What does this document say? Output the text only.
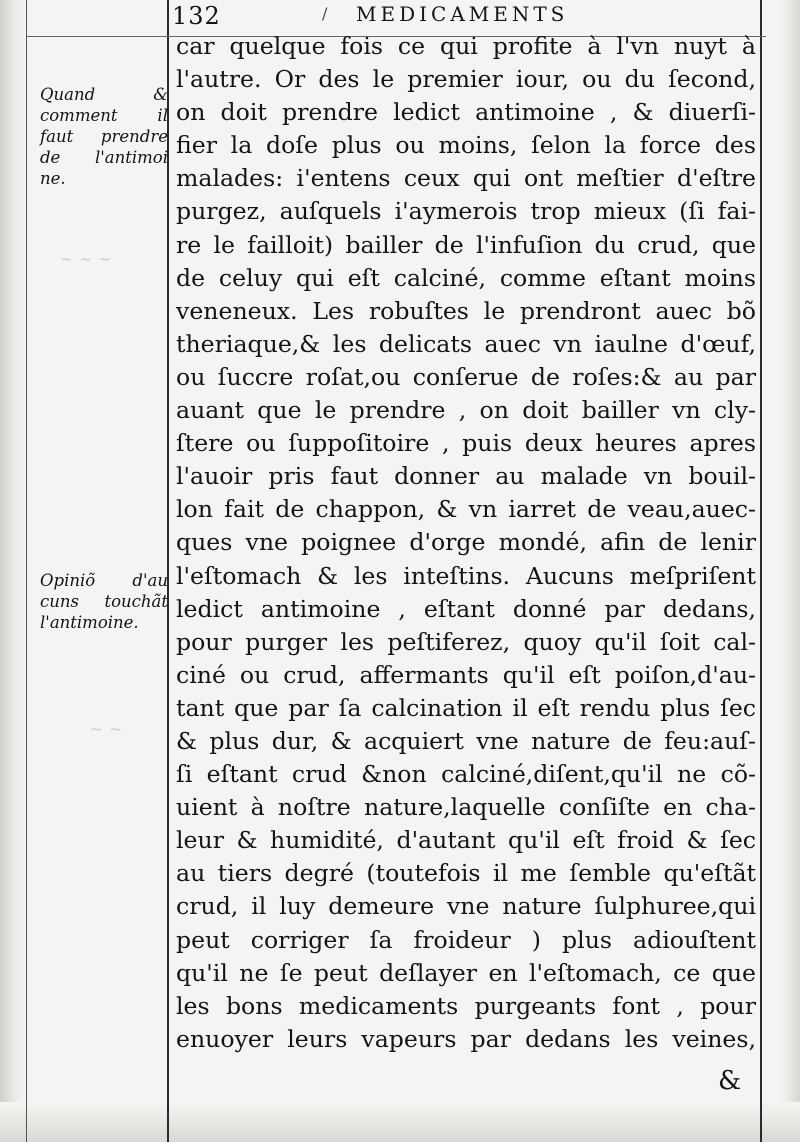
~ ~ ~
~ ~
132	/ MEDICAMENTS
Quand &
comment il
faut prendre
de l'antimoi
ne.
Opiniõ d'au
cuns touchãt
l'antimoine.
car quelque fois ce qui profite à l'vn nuyt à
l'autre. Or des le premier iour, ou du ſecond,
on doit prendre ledict antimoine , & diuerſi-
fier la doſe plus ou moins, ſelon la force des
malades: i'entens ceux qui ont meſtier d'eſtre
purgez, auſquels i'aymerois trop mieux (ſi fai-
re le failloit) bailler de l'infuſion du crud, que
de celuy qui eſt calciné, comme eſtant moins
veneneux. Les robuſtes le prendront auec bõ
theriaque,& les delicats auec vn iaulne d'œuf,
ou ſuccre roſat,ou conſerue de roſes:& au par
auant que le prendre , on doit bailler vn cly-
ſtere ou ſuppoſitoire , puis deux heures apres
l'auoir pris faut donner au malade vn bouil-
lon fait de chappon, & vn iarret de veau,auec-
ques vne poignee d'orge mondé, afin de lenir
l'eſtomach & les inteſtins. Aucuns meſpriſent
ledict antimoine , eſtant donné par dedans,
pour purger les peſtiferez, quoy qu'il ſoit cal-
ciné ou crud, affermants qu'il eſt poiſon,d'au-
tant que par ſa calcination il eſt rendu plus ſec
& plus dur, & acquiert vne nature de feu:auſ-
ſi eſtant crud &non calciné,diſent,qu'il ne cõ-
uient à noſtre nature,laquelle conſiſte en cha-
leur & humidité, d'autant qu'il eſt froid & ſec
au tiers degré (toutefois il me ſemble qu'eſtãt
crud, il luy demeure vne nature ſulphuree,qui
peut corriger ſa froideur ) plus adiouſtent
qu'il ne ſe peut deſlayer en l'eſtomach, ce que
les bons medicaments purgeants font , pour
enuoyer leurs vapeurs par dedans les veines,
&
